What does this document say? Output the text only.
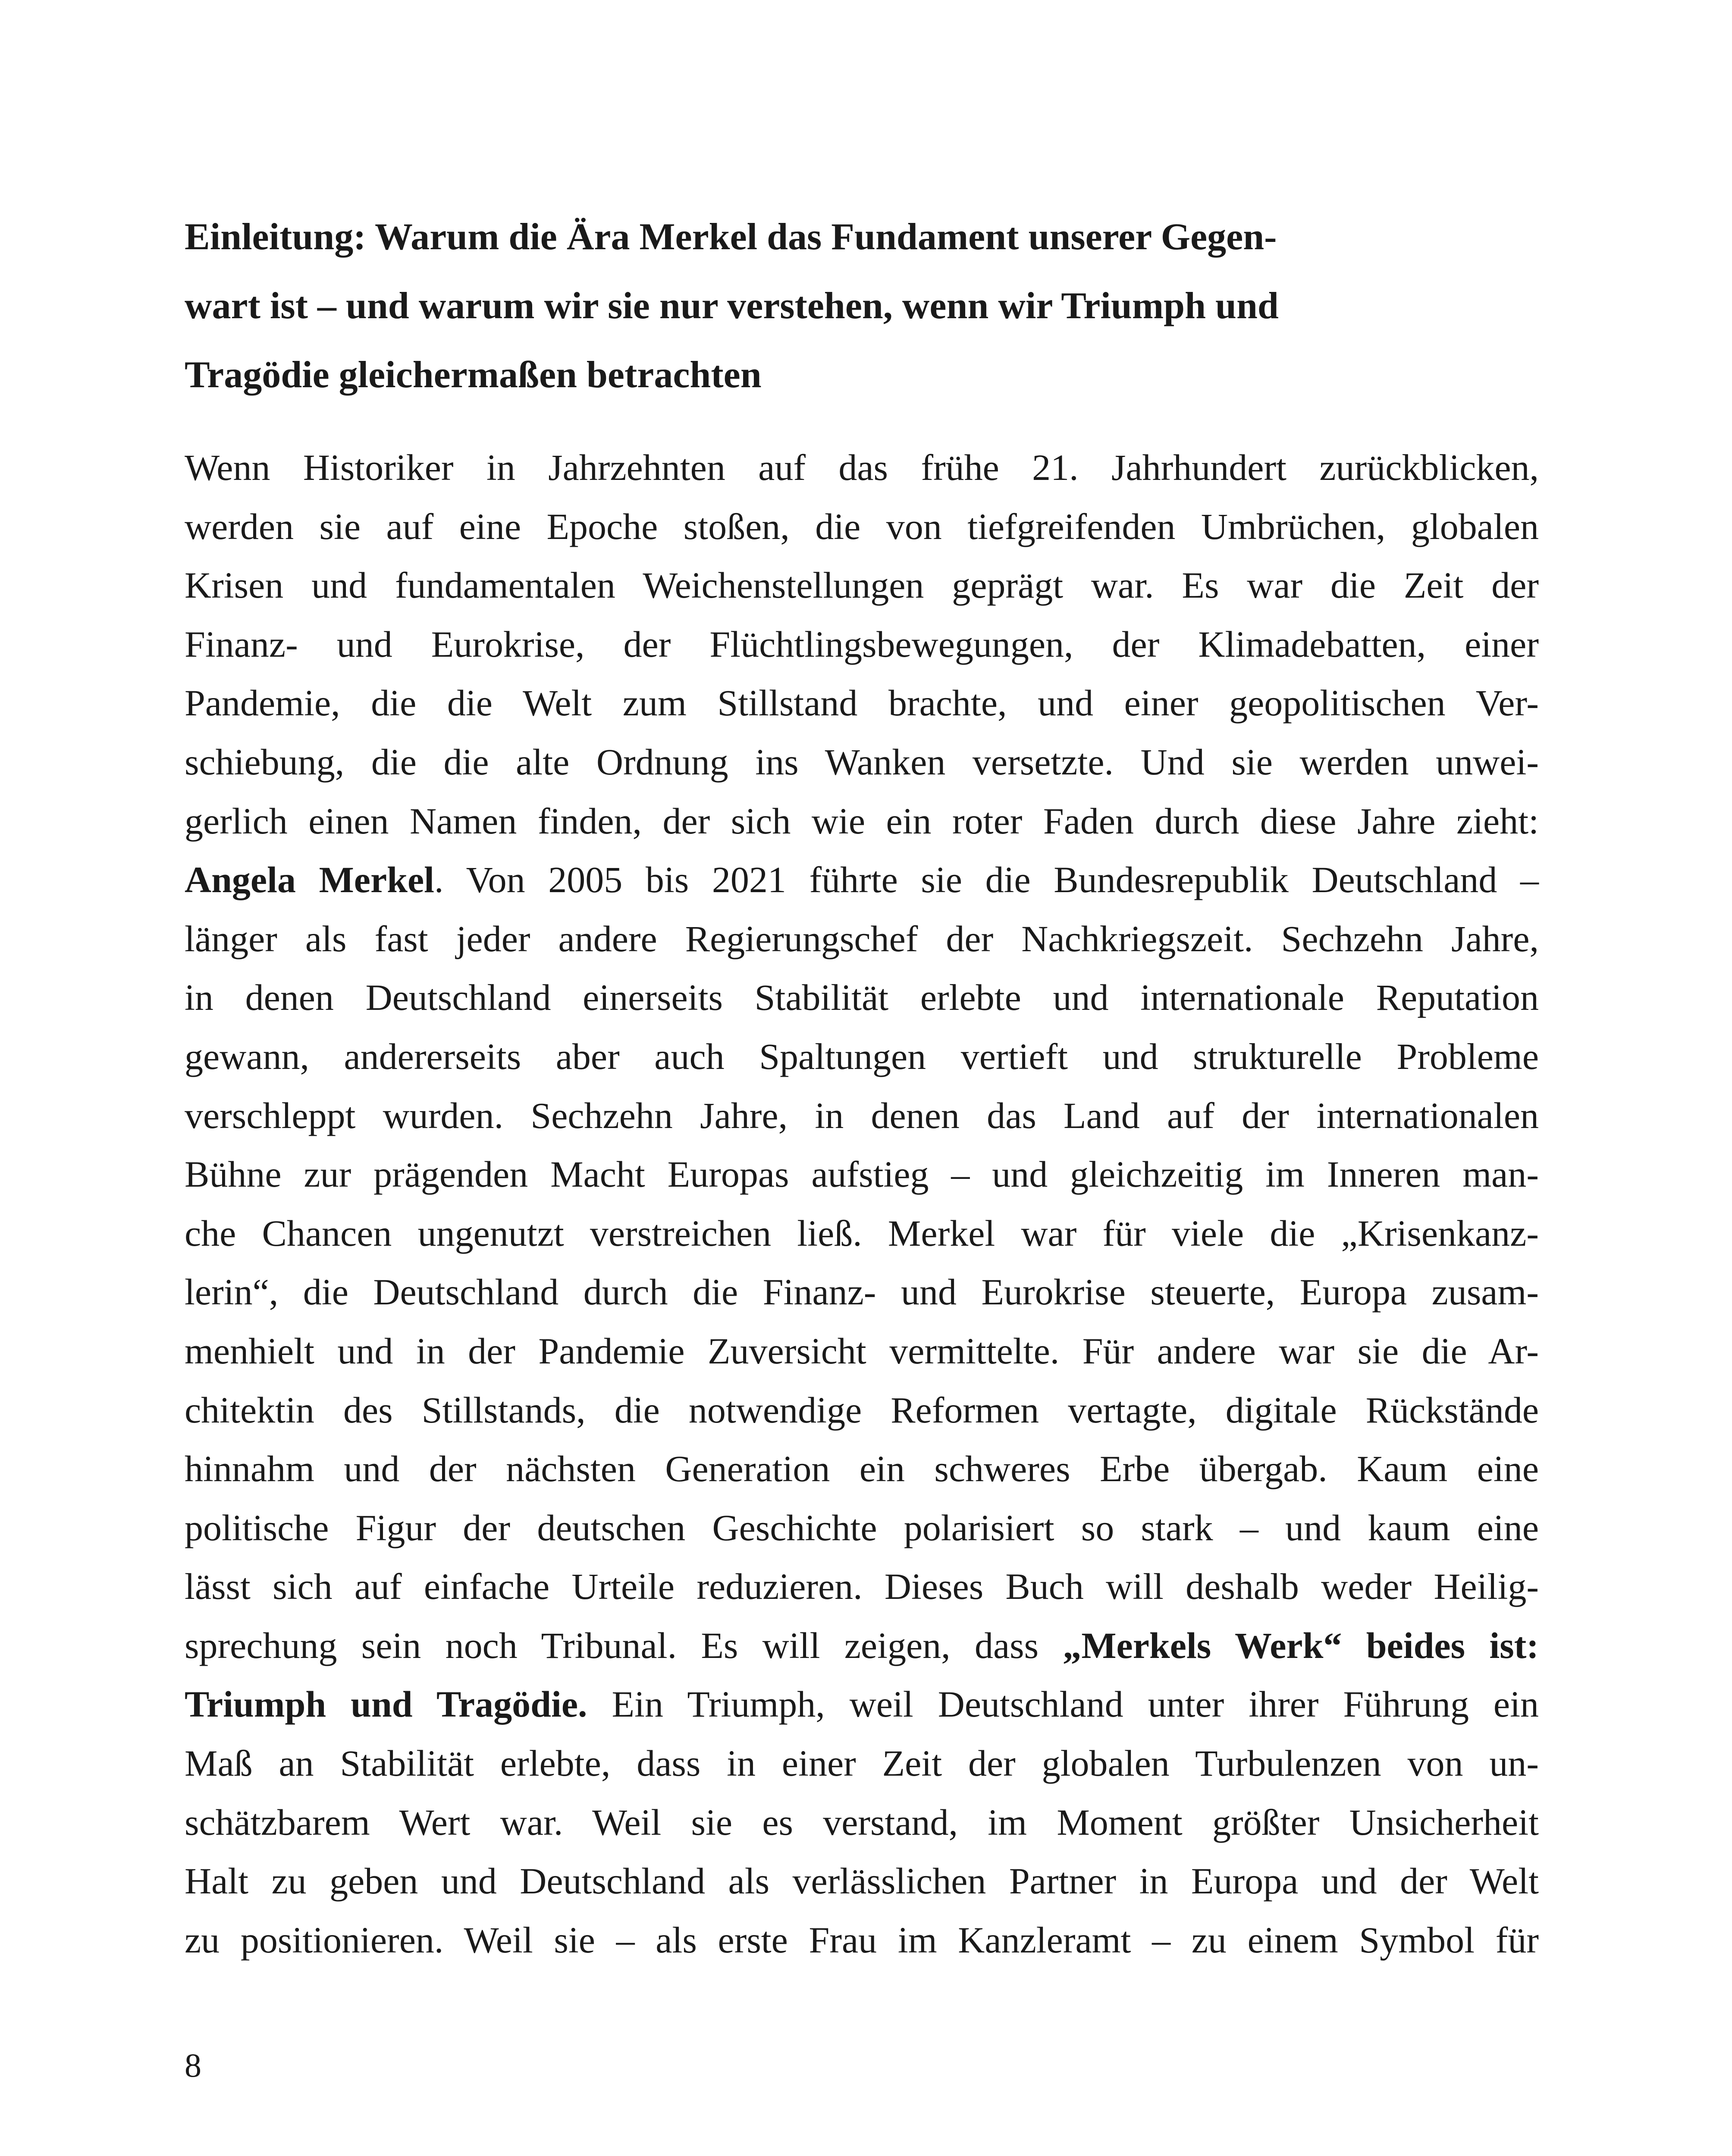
Einleitung: Warum die Ära Merkel das Fundament unserer Gegen-
wart ist – und warum wir sie nur verstehen, wenn wir Triumph und
Tragödie gleichermaßen betrachten
Wenn Historiker in Jahrzehnten auf das frühe 21. Jahrhundert zurückblicken,
werden sie auf eine Epoche stoßen, die von tiefgreifenden Umbrüchen, globalen
Krisen und fundamentalen Weichenstellungen geprägt war. Es war die Zeit der
Finanz- und Eurokrise, der Flüchtlingsbewegungen, der Klimadebatten, einer
Pandemie, die die Welt zum Stillstand brachte, und einer geopolitischen Ver-
schiebung, die die alte Ordnung ins Wanken versetzte. Und sie werden unwei-
gerlich einen Namen finden, der sich wie ein roter Faden durch diese Jahre zieht:
Angela Merkel. Von 2005 bis 2021 führte sie die Bundesrepublik Deutschland –
länger als fast jeder andere Regierungschef der Nachkriegszeit. Sechzehn Jahre,
in denen Deutschland einerseits Stabilität erlebte und internationale Reputation
gewann, andererseits aber auch Spaltungen vertieft und strukturelle Probleme
verschleppt wurden. Sechzehn Jahre, in denen das Land auf der internationalen
Bühne zur prägenden Macht Europas aufstieg – und gleichzeitig im Inneren man-
che Chancen ungenutzt verstreichen ließ. Merkel war für viele die „Krisenkanz-
lerin“, die Deutschland durch die Finanz- und Eurokrise steuerte, Europa zusam-
menhielt und in der Pandemie Zuversicht vermittelte. Für andere war sie die Ar-
chitektin des Stillstands, die notwendige Reformen vertagte, digitale Rückstände
hinnahm und der nächsten Generation ein schweres Erbe übergab. Kaum eine
politische Figur der deutschen Geschichte polarisiert so stark – und kaum eine
lässt sich auf einfache Urteile reduzieren. Dieses Buch will deshalb weder Heilig-
sprechung sein noch Tribunal. Es will zeigen, dass „Merkels Werk“ beides ist:
Triumph und Tragödie. Ein Triumph, weil Deutschland unter ihrer Führung ein
Maß an Stabilität erlebte, dass in einer Zeit der globalen Turbulenzen von un-
schätzbarem Wert war. Weil sie es verstand, im Moment größter Unsicherheit
Halt zu geben und Deutschland als verlässlichen Partner in Europa und der Welt
zu positionieren. Weil sie – als erste Frau im Kanzleramt – zu einem Symbol für
8
